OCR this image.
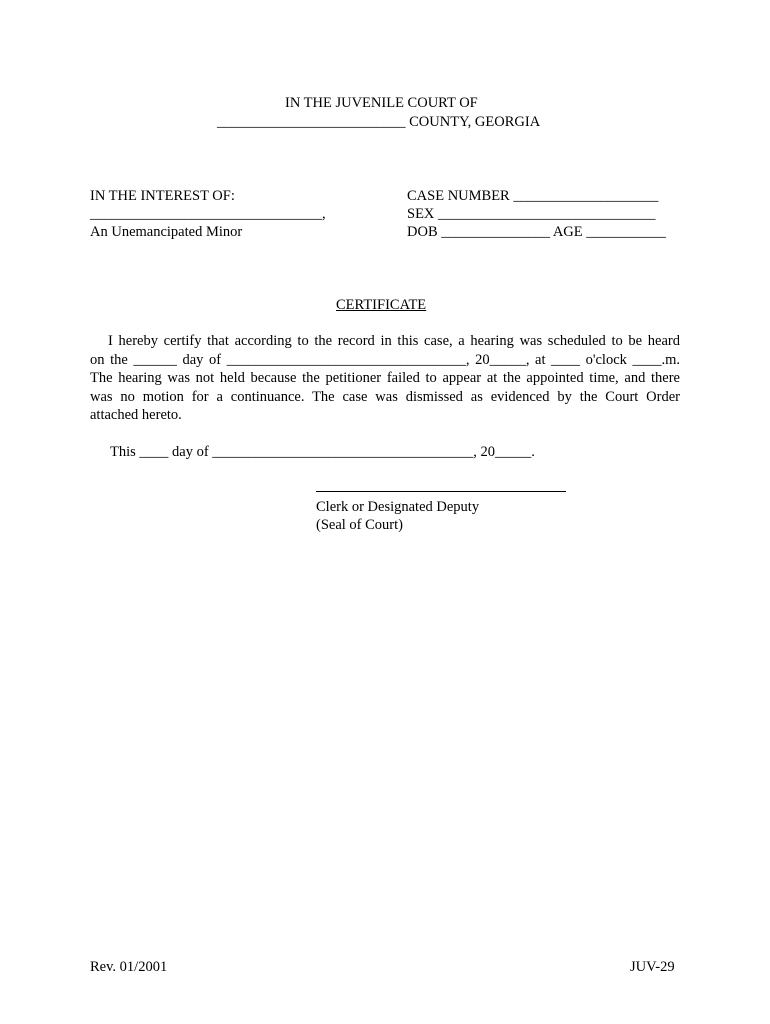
IN THE JUVENILE COURT OF

__________________________ COUNTY, GEORGIA

IN THE INTEREST OF:

________________________________,

An Unemancipated Minor

CASE NUMBER ____________________

SEX ______________________________

DOB _______________ AGE ___________

CERTIFICATE

I hereby certify that according to the record in this case, a hearing was scheduled to be heard
on the ______ day of _________________________________, 20_____, at ____ o'clock ____.m.
The hearing was not held because the petitioner failed to appear at the appointed time, and there
was no motion for a continuance. The case was dismissed as evidenced by the Court Order
attached hereto.

This ____ day of ____________________________________, 20_____.

Clerk or Designated Deputy

(Seal of Court)

Rev. 01/2001	JUV-29
